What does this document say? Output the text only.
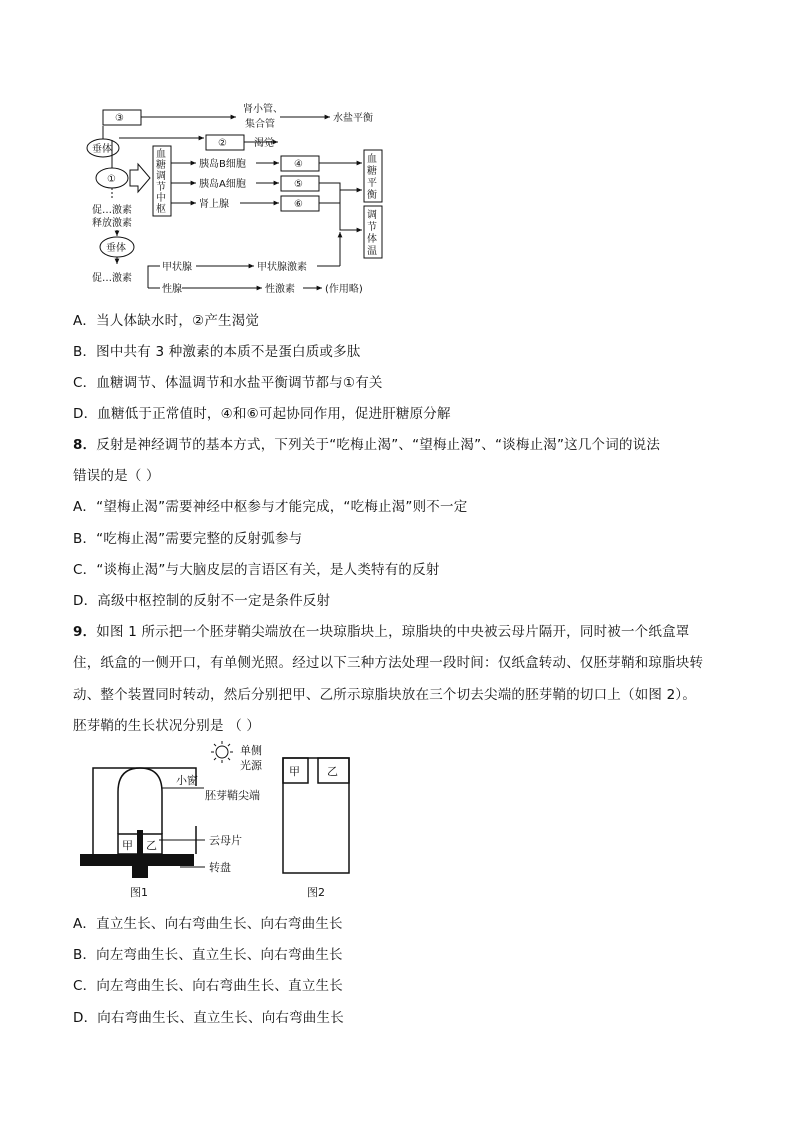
③
②
④
⑤
⑥
肾小管、
集合管
水盐平衡
渴觉
垂体
①
胰岛B细胞
胰岛A细胞
肾上腺
促…激素
释放激素
垂体
促…激素
甲状腺	甲状腺激素
性腺	性激素	(作用略)
血
糖
调
节
中
枢
血
糖
平
衡
调
节
体
温
A．当人体缺水时，②产生渴觉
B．图中共有 3 种激素的本质不是蛋白质或多肽
C．血糖调节、体温调节和水盐平衡调节都与①有关
D．血糖低于正常值时，④和⑥可起协同作用，促进肝糖原分解
8．反射是神经调节的基本方式，下列关于“吃梅止渴”、“望梅止渴”、“谈梅止渴”这几个词的说法
错误的是（ ）
A．“望梅止渴”需要神经中枢参与才能完成，“吃梅止渴”则不一定
B．“吃梅止渴”需要完整的反射弧参与
C．“谈梅止渴”与大脑皮层的言语区有关，是人类特有的反射
D．高级中枢控制的反射不一定是条件反射
9．如图 1 所示把一个胚芽鞘尖端放在一块琼脂块上，琼脂块的中央被云母片隔开，同时被一个纸盒罩
住，纸盒的一侧开口，有单侧光照。经过以下三种方法处理一段时间：仅纸盒转动、仅胚芽鞘和琼脂块转
动、整个装置同时转动，然后分别把甲、乙所示琼脂块放在三个切去尖端的胚芽鞘的切口上（如图 2）。
胚芽鞘的生长状况分别是 （ ）
单侧
光源
小窗
胚芽鞘尖端
云母片
转盘
甲 乙
甲 乙
图1	图2
A．直立生长、向右弯曲生长、向右弯曲生长
B．向左弯曲生长、直立生长、向右弯曲生长
C．向左弯曲生长、向右弯曲生长、直立生长
D．向右弯曲生长、直立生长、向右弯曲生长
